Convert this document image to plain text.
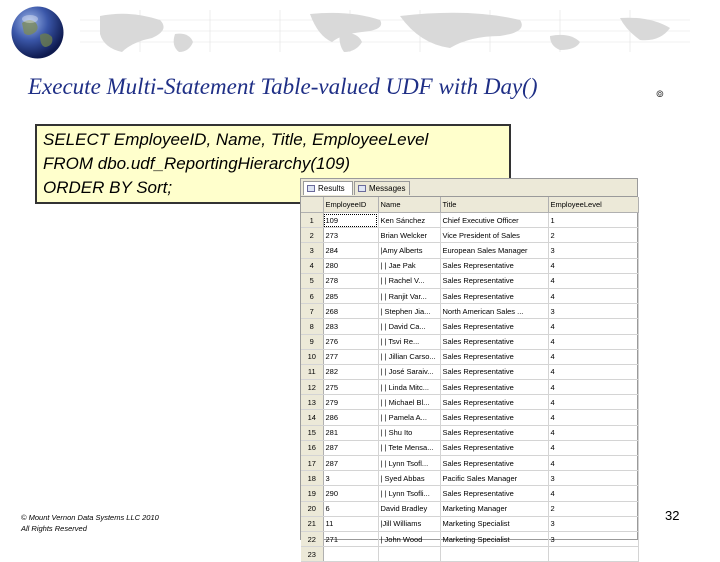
Execute Multi-Statement Table-valued UDF with Day()	๏
SELECT EmployeeID, Name, Title, EmployeeLevel
FROM dbo.udf_ReportingHierarchy(109)
ORDER BY Sort;	Results	Messages
	EmployeeID	Name	Title	EmployeeLevel
1	109	Ken Sánchez	Chief Executive Officer	1
2	273	Brian Welcker	Vice President of Sales	2
3	284	|Amy Alberts	European Sales Manager	3
4	280	| | Jae Pak	Sales Representative	4
5	278	| | Rachel V...	Sales Representative	4
6	285	| | Ranjit Var...	Sales Representative	4
7	268	| Stephen Jia...	North American Sales ...	3
8	283	| | David Ca...	Sales Representative	4
9	276	| | Tsvi Re...	Sales Representative	4
10	277	| | Jillian Carso...	Sales Representative	4
11	282	| | José Saraiv...	Sales Representative	4
12	275	| | Linda Mitc...	Sales Representative	4
13	279	| | Michael Bl...	Sales Representative	4
14	286	| | Pamela A...	Sales Representative	4
15	281	| | Shu Ito	Sales Representative	4
16	287	| | Tete Mensa...	Sales Representative	4
17	287	| | Lynn Tsofl...	Sales Representative	4
18	3	| Syed Abbas	Pacific Sales Manager	3
19	290	| | Lynn Tsofli...	Sales Representative	4
20	6	David Bradley	Marketing Manager	2
21	11	|Jill Williams	Marketing Specialist	3
22	271	| John Wood	Marketing Specialist	3
23				
© Mount Vernon Data Systems LLC 2010
All Rights Reserved
32
